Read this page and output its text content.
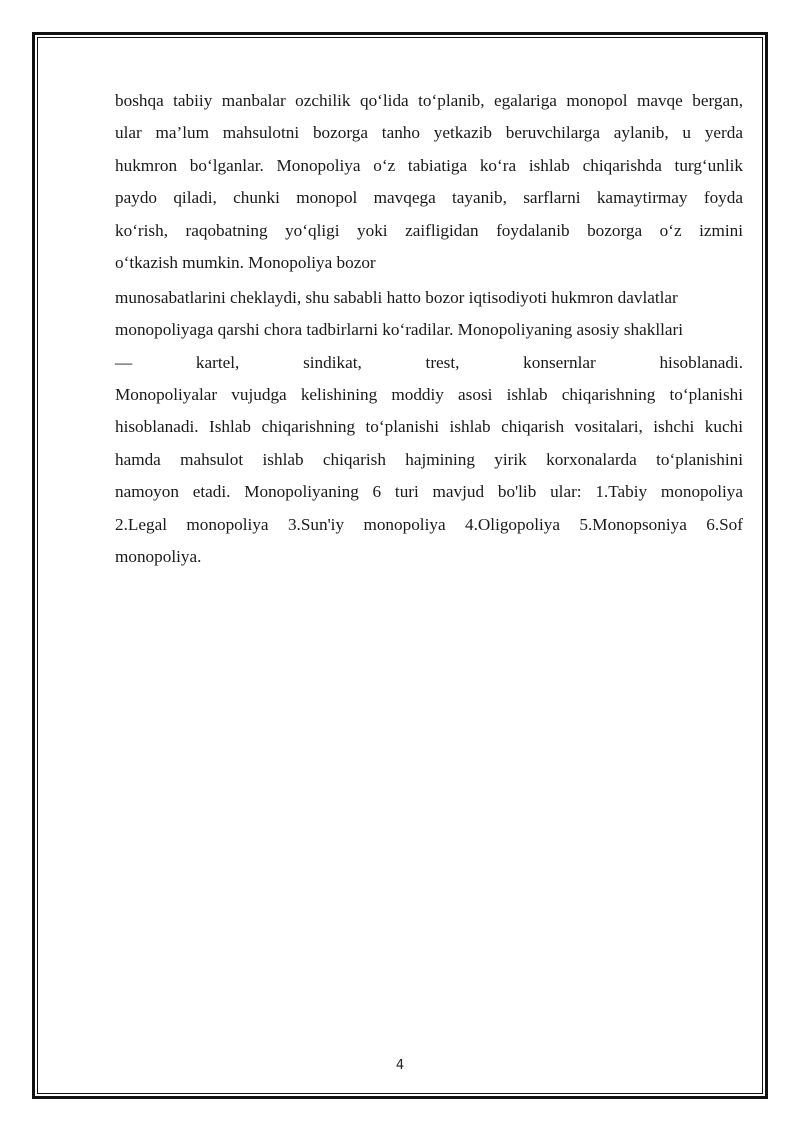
boshqa tabiiy manbalar ozchilik qo‘lida to‘planib, egalariga monopol mavqe bergan,
ular ma’lum mahsulotni bozorga tanho yetkazib beruvchilarga aylanib, u yerda
hukmron bo‘lganlar. Monopoliya o‘z tabiatiga ko‘ra ishlab chiqarishda turg‘unlik
paydo qiladi, chunki monopol mavqega tayanib, sarflarni kamaytirmay foyda
ko‘rish, raqobatning yo‘qligi yoki zaifligidan foydalanib bozorga o‘z izmini
o‘tkazish mumkin. Monopoliya bozor
munosabatlarini cheklaydi, shu sababli hatto bozor iqtisodiyoti hukmron davlatlar
monopoliyaga qarshi chora tadbirlarni ko‘radilar. Monopoliyaning asosiy shakllari
— kartel, sindikat, trest, konsernlar hisoblanadi.
Monopoliyalar vujudga kelishining moddiy asosi ishlab chiqarishning to‘planishi
hisoblanadi. Ishlab chiqarishning to‘planishi ishlab chiqarish vositalari, ishchi kuchi
hamda mahsulot ishlab chiqarish hajmining yirik korxonalarda to‘planishini
namoyon etadi. Monopoliyaning 6 turi mavjud bo'lib ular: 1.Tabiy monopoliya
2.Legal monopoliya 3.Sun'iy monopoliya 4.Oligopoliya 5.Monopsoniya 6.Sof
monopoliya.
4
